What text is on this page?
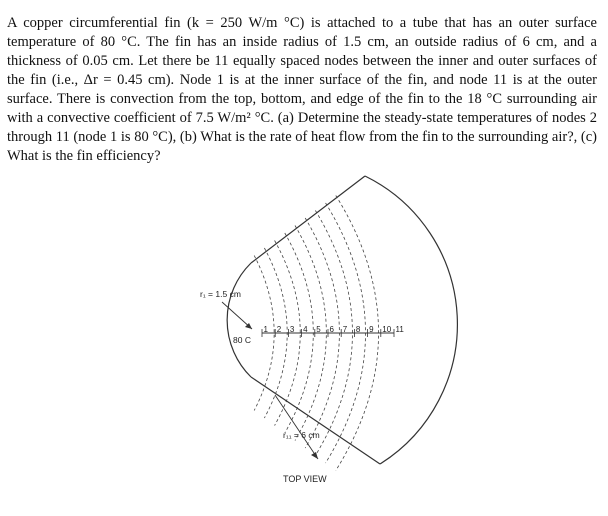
A copper circumferential fin (k = 250 W/m °C) is attached to a tube that has an outer surface temperature of 80 °C. The fin has an inside radius of 1.5 cm, an outside radius of 6 cm, and a thickness of 0.05 cm. Let there be 11 equally spaced nodes between the inner and outer surfaces of the fin (i.e., Δr = 0.45 cm). Node 1 is at the inner surface of the fin, and node 11 is at the outer surface. There is convection from the top, bottom, and edge of the fin to the 18 °C surrounding air with a convective coefficient of 7.5 W/m² °C. (a) Determine the steady-state temperatures of nodes 2 through 11 (node 1 is 80 °C), (b) What is the rate of heat flow from the fin to the surrounding air?, (c) What is the fin efficiency?

1 2 3 4 5 6 7 8 9 10 11
r₁ = 1.5 cm
80 C
r₁₁ = 6 cm
TOP VIEW
